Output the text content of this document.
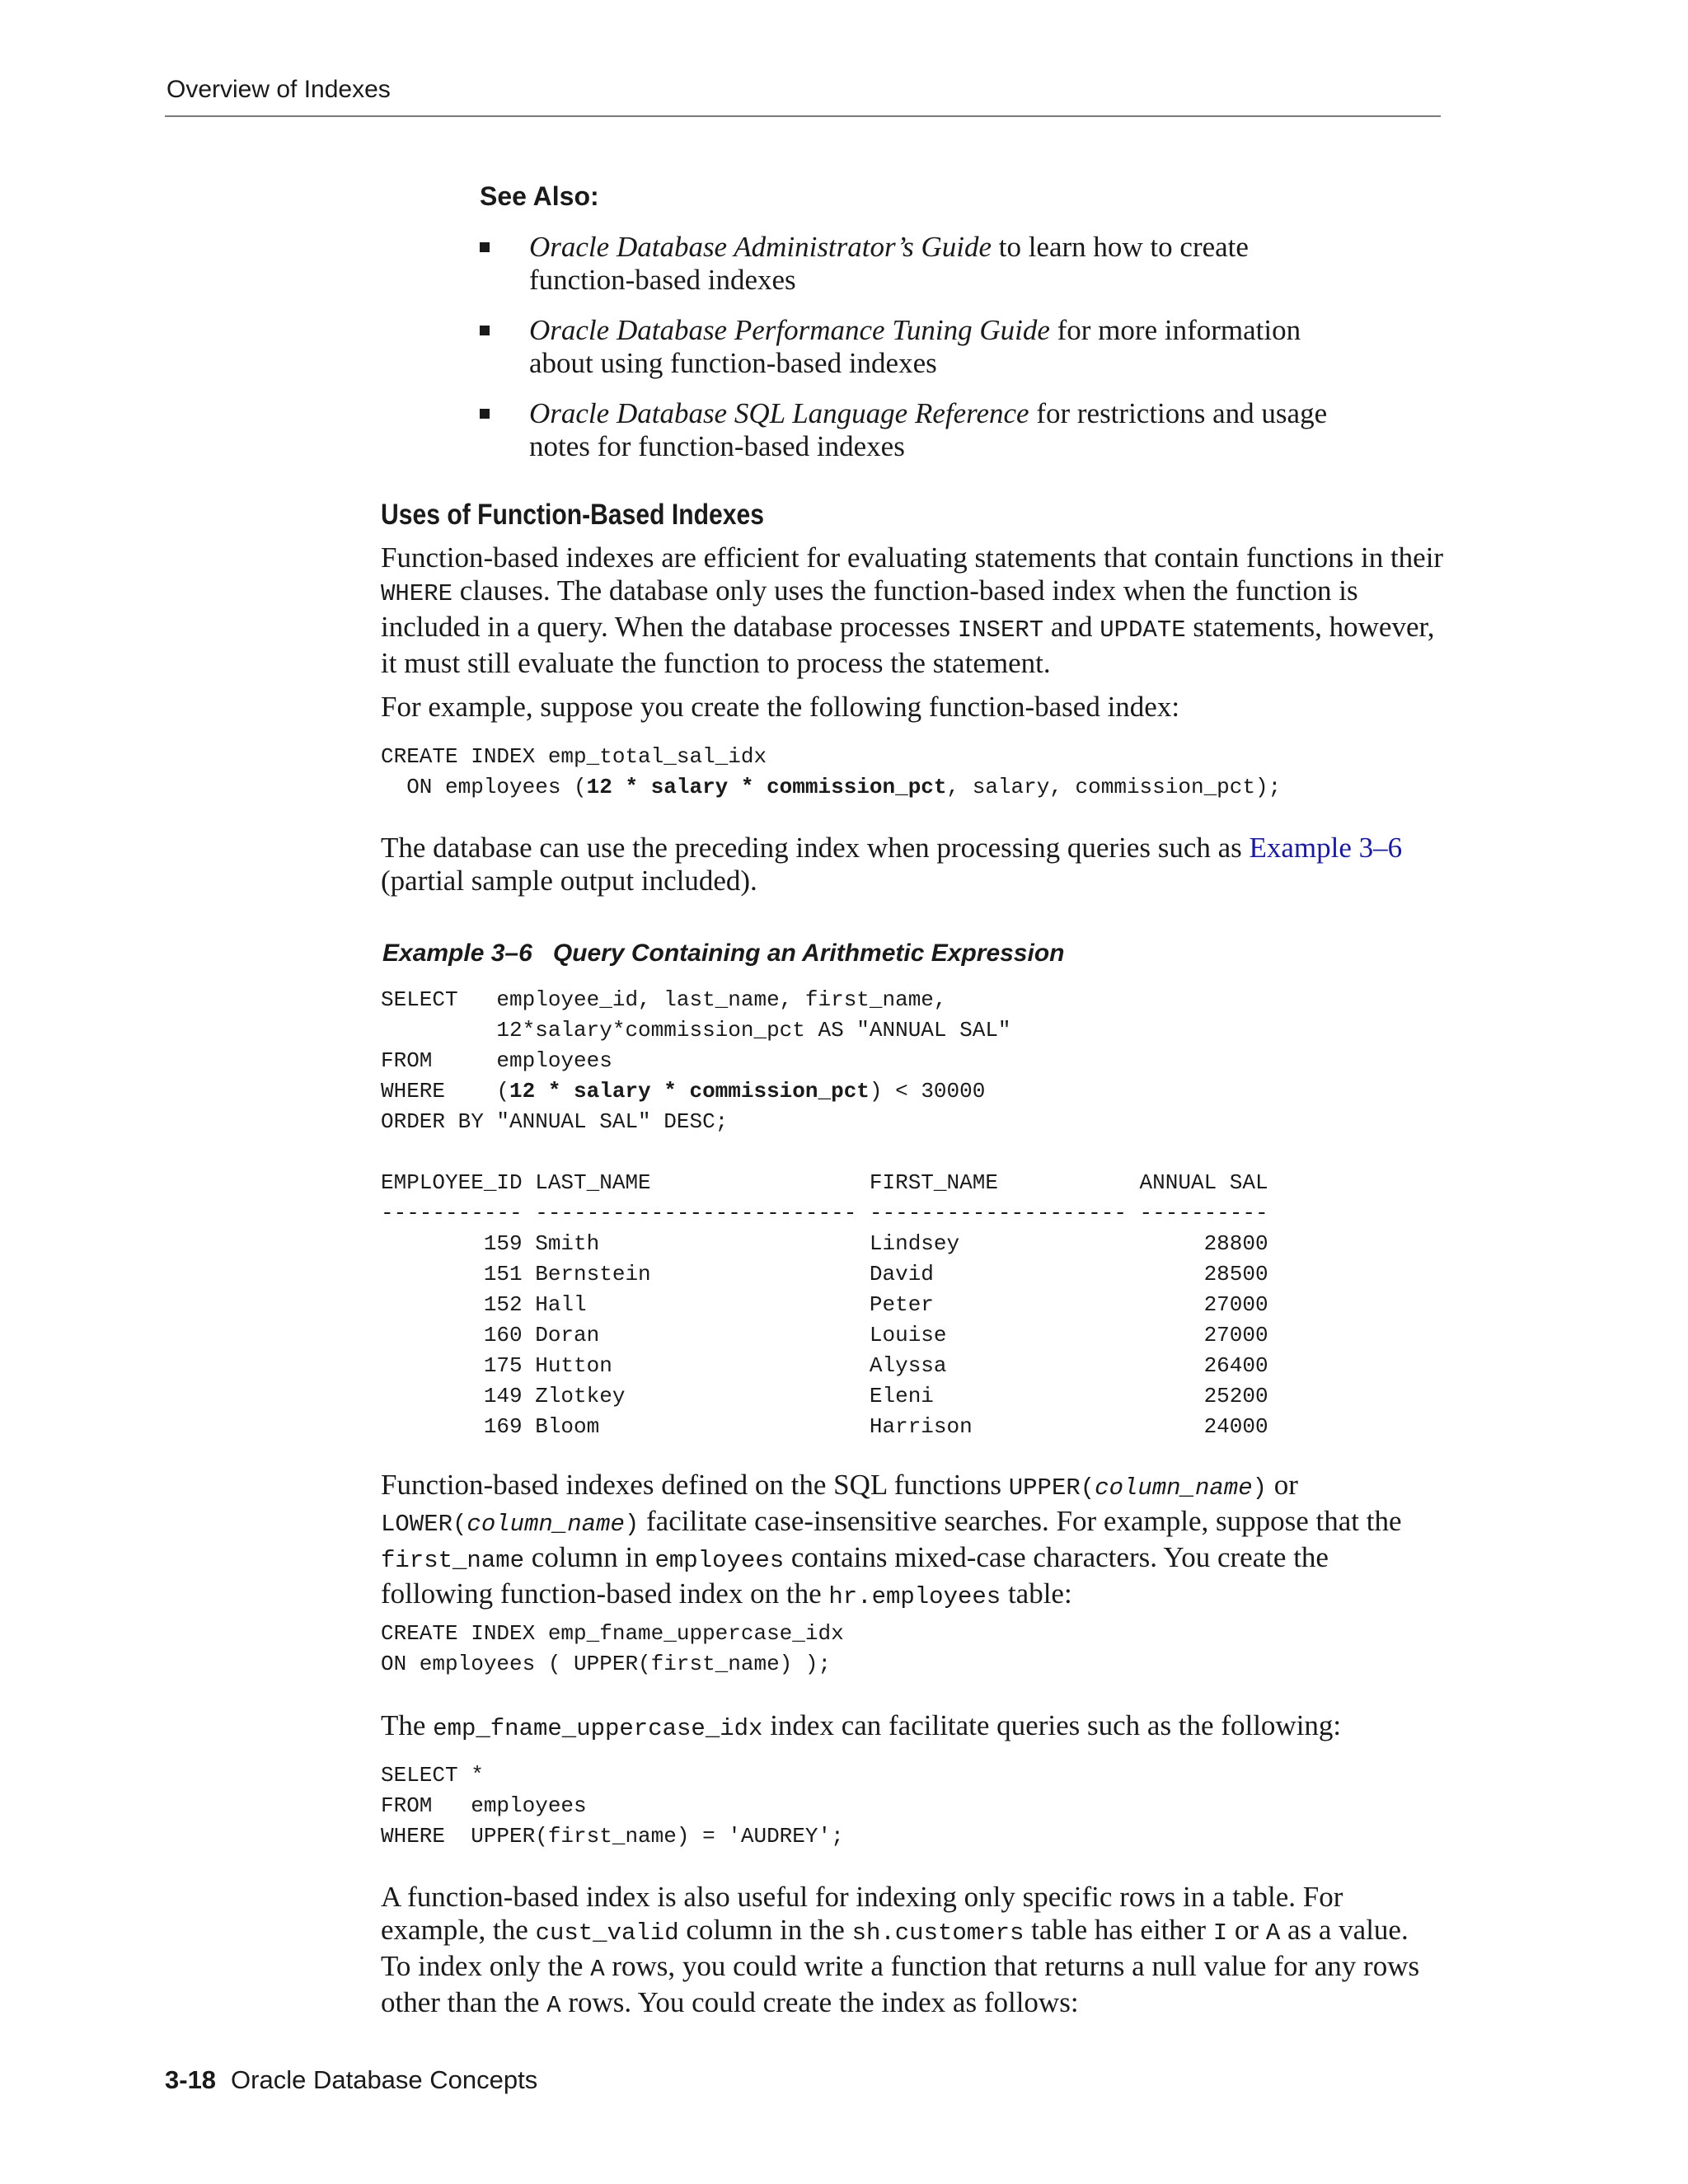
Overview of Indexes
See Also:
Oracle Database Administrator’s Guide to learn how to create function-based indexes
Oracle Database Performance Tuning Guide for more information about using function-based indexes
Oracle Database SQL Language Reference for restrictions and usage notes for function-based indexes
Uses of Function-Based Indexes

Function-based indexes are efficient for evaluating statements that contain functions in their WHERE clauses. The database only uses the function-based index when the function is included in a query. When the database processes INSERT and UPDATE statements, however, it must still evaluate the function to process the statement.

For example, suppose you create the following function-based index:

CREATE INDEX emp_total_sal_idx
ON employees (12 * salary * commission_pct, salary, commission_pct);

The database can use the preceding index when processing queries such as Example 3–6 (partial sample output included).

Example 3–6 Query Containing an Arithmetic Expression
SELECT   employee_id, last_name, first_name,
12*salary*commission_pct AS "ANNUAL SAL"
FROM     employees
WHERE    (12 * salary * commission_pct) < 30000
ORDER BY "ANNUAL SAL" DESC;

EMPLOYEE_ID LAST_NAME                 FIRST_NAME           ANNUAL SAL
----------- ------------------------- -------------------- ----------
159 Smith                     Lindsey                   28800
151 Bernstein                 David                     28500
152 Hall                      Peter                     27000
160 Doran                     Louise                    27000
175 Hutton                    Alyssa                    26400
149 Zlotkey                   Eleni                     25200
169 Bloom                     Harrison                  24000

Function-based indexes defined on the SQL functions UPPER(column_name) or LOWER(column_name) facilitate case-insensitive searches. For example, suppose that the first_name column in employees contains mixed-case characters. You create the following function-based index on the hr.employees table:

CREATE INDEX emp_fname_uppercase_idx
ON employees ( UPPER(first_name) );

The emp_fname_uppercase_idx index can facilitate queries such as the following:

SELECT *
FROM   employees
WHERE  UPPER(first_name) = 'AUDREY';

A function-based index is also useful for indexing only specific rows in a table. For example, the cust_valid column in the sh.customers table has either I or A as a value. To index only the A rows, you could write a function that returns a null value for any rows other than the A rows. You could create the index as follows:

3-18 Oracle Database Concepts
